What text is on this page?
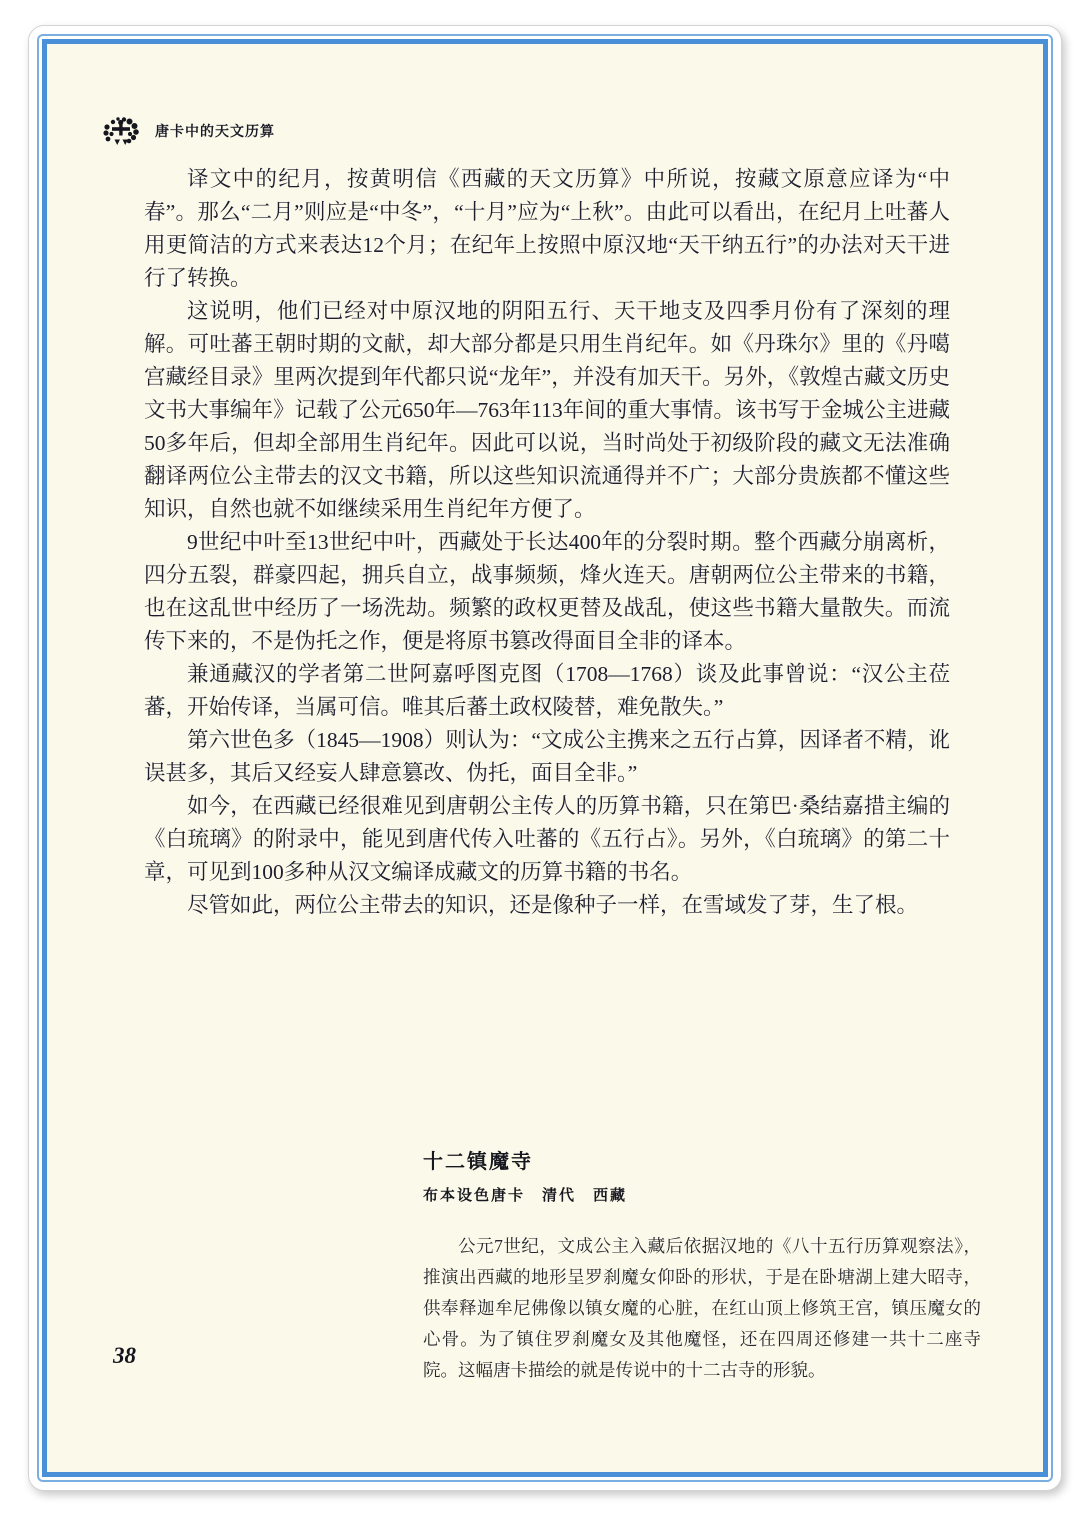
唐卡中的天文历算

译文中的纪月，按黄明信《西藏的天文历算》中所说，按藏文原意应译为“中春”。那么“二月”则应是“中冬”，“十月”应为“上秋”。由此可以看出，在纪月上吐蕃人用更简洁的方式来表达12个月；在纪年上按照中原汉地“天干纳五行”的办法对天干进行了转换。

这说明，他们已经对中原汉地的阴阳五行、天干地支及四季月份有了深刻的理解。可吐蕃王朝时期的文献，却大部分都是只用生肖纪年。如《丹珠尔》里的《丹噶宫藏经目录》里两次提到年代都只说“龙年”，并没有加天干。另外，《敦煌古藏文历史文书大事编年》记载了公元650年—763年113年间的重大事情。该书写于金城公主进藏50多年后，但却全部用生肖纪年。因此可以说，当时尚处于初级阶段的藏文无法准确翻译两位公主带去的汉文书籍，所以这些知识流通得并不广；大部分贵族都不懂这些知识，自然也就不如继续采用生肖纪年方便了。

9世纪中叶至13世纪中叶，西藏处于长达400年的分裂时期。整个西藏分崩离析，四分五裂，群豪四起，拥兵自立，战事频频，烽火连天。唐朝两位公主带来的书籍，也在这乱世中经历了一场洗劫。频繁的政权更替及战乱，使这些书籍大量散失。而流传下来的，不是伪托之作，便是将原书篡改得面目全非的译本。

兼通藏汉的学者第二世阿嘉呼图克图（1708—1768）谈及此事曾说：“汉公主莅蕃，开始传译，当属可信。唯其后蕃土政权陵替，难免散失。”

第六世色多（1845—1908）则认为：“文成公主携来之五行占算，因译者不精，讹误甚多，其后又经妄人肆意篡改、伪托，面目全非。”

如今，在西藏已经很难见到唐朝公主传人的历算书籍，只在第巴·桑结嘉措主编的《白琉璃》的附录中，能见到唐代传入吐蕃的《五行占》。另外，《白琉璃》的第二十章，可见到100多种从汉文编译成藏文的历算书籍的书名。

尽管如此，两位公主带去的知识，还是像种子一样，在雪域发了芽，生了根。

十二镇魔寺
布本设色唐卡　清代　西藏

公元7世纪，文成公主入藏后依据汉地的《八十五行历算观察法》，推演出西藏的地形呈罗刹魔女仰卧的形状，于是在卧塘湖上建大昭寺，供奉释迦牟尼佛像以镇女魔的心脏，在红山顶上修筑王宫，镇压魔女的心骨。为了镇住罗刹魔女及其他魔怪，还在四周还修建一共十二座寺院。这幅唐卡描绘的就是传说中的十二古寺的形貌。

38
